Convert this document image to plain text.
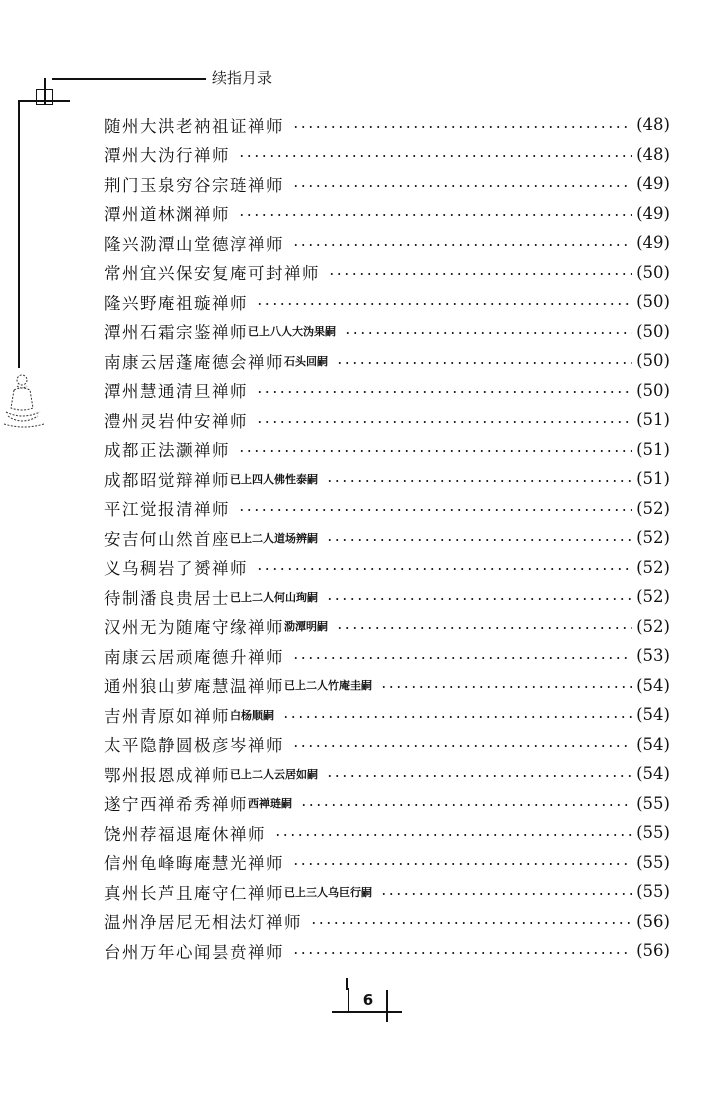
续指月录
随州大洪老衲祖证禅师	(48)
潭州大沩行禅师	(48)
荆门玉泉穷谷宗琏禅师	(49)
潭州道林渊禅师	(49)
隆兴泐潭山堂德淳禅师	(49)
常州宜兴保安复庵可封禅师	(50)
隆兴野庵祖璇禅师	(50)
潭州石霜宗鉴禅师 已上八人大沩果嗣	(50)
南康云居蓬庵德会禅师 石头回嗣	(50)
潭州慧通清旦禅师	(50)
澧州灵岩仲安禅师	(51)
成都正法灏禅师	(51)
成都昭觉辩禅师 已上四人佛性泰嗣	(51)
平江觉报清禅师	(52)
安吉何山然首座 已上二人道场辨嗣	(52)
义乌稠岩了赟禅师	(52)
待制潘良贵居士 已上二人何山珣嗣	(52)
汉州无为随庵守缘禅师 泐潭明嗣	(52)
南康云居顽庵德升禅师	(53)
通州狼山萝庵慧温禅师 已上二人竹庵圭嗣	(54)
吉州青原如禅师 白杨顺嗣	(54)
太平隐静圆极彦岑禅师	(54)
鄂州报恩成禅师 已上二人云居如嗣	(54)
遂宁西禅希秀禅师 西禅琏嗣	(55)
饶州荐福退庵休禅师	(55)
信州龟峰晦庵慧光禅师	(55)
真州长芦且庵守仁禅师 已上三人乌巨行嗣	(55)
温州净居尼无相法灯禅师	(56)
台州万年心闻昙贲禅师	(56)
6
